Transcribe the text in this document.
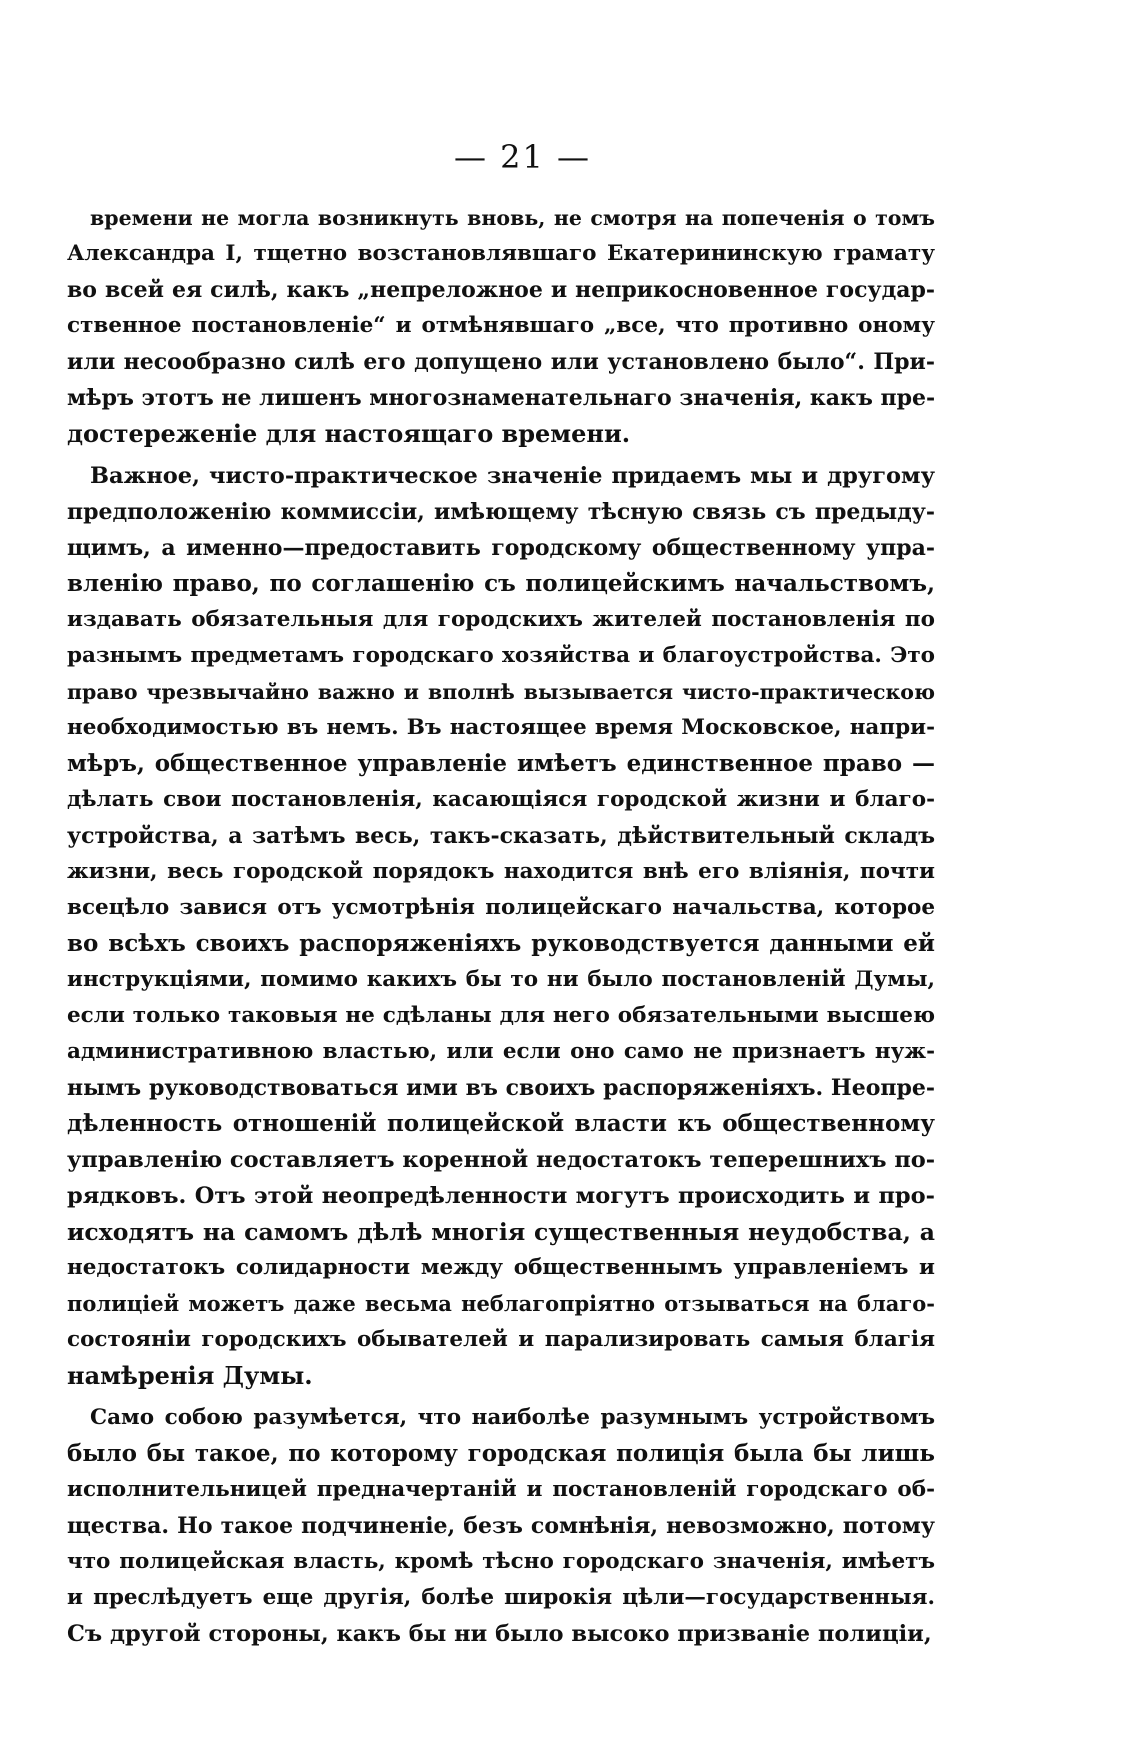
— 21 —
времени не могла возникнуть вновь, не смотря на попеченія о томъ
Александра I, тщетно возстановлявшаго Екатерининскую грамату
во всей ея силѣ, какъ „непреложное и неприкосновенное государ-
ственное постановленіе“ и отмѣнявшаго „все, что противно оному
или несообразно силѣ его допущено или установлено было“. При-
мѣръ этотъ не лишенъ многознаменательнаго значенія, какъ пре-
достереженіе для настоящаго времени.
Важное, чисто-практическое значеніе придаемъ мы и другому
предположенію коммиссіи, имѣющему тѣсную связь съ предыду-
щимъ, а именно—предоставить городскому общественному упра-
вленію право, по соглашенію съ полицейскимъ начальствомъ,
издавать обязательныя для городскихъ жителей постановленія по
разнымъ предметамъ городскаго хозяйства и благоустройства. Это
право чрезвычайно важно и вполнѣ вызывается чисто-практическою
необходимостью въ немъ. Въ настоящее время Московское, напри-
мѣръ, общественное управленіе имѣетъ единственное право —
дѣлать свои постановленія, касающіяся городской жизни и благо-
устройства, а затѣмъ весь, такъ-сказать, дѣйствительный складъ
жизни, весь городской порядокъ находится внѣ его вліянія, почти
всецѣло завися отъ усмотрѣнія полицейскаго начальства, которое
во всѣхъ своихъ распоряженіяхъ руководствуется данными ей
инструкціями, помимо какихъ бы то ни было постановленій Думы,
если только таковыя не сдѣланы для него обязательными высшею
административною властью, или если оно само не признаетъ нуж-
нымъ руководствоваться ими въ своихъ распоряженіяхъ. Неопре-
дѣленность отношеній полицейской власти къ общественному
управленію составляетъ коренной недостатокъ теперешнихъ по-
рядковъ. Отъ этой неопредѣленности могутъ происходить и про-
исходятъ на самомъ дѣлѣ многія существенныя неудобства, а
недостатокъ солидарности между общественнымъ управленіемъ и
полиціей можетъ даже весьма неблагопріятно отзываться на благо-
состояніи городскихъ обывателей и парализировать самыя благія
намѣренія Думы.
Само собою разумѣется, что наиболѣе разумнымъ устройствомъ
было бы такое, по которому городская полиція была бы лишь
исполнительницей предначертаній и постановленій городскаго об-
щества. Но такое подчиненіе, безъ сомнѣнія, невозможно, потому
что полицейская власть, кромѣ тѣсно городскаго значенія, имѣетъ
и преслѣдуетъ еще другія, болѣе широкія цѣли—государственныя.
Съ другой стороны, какъ бы ни было высоко призваніе полиціи,
